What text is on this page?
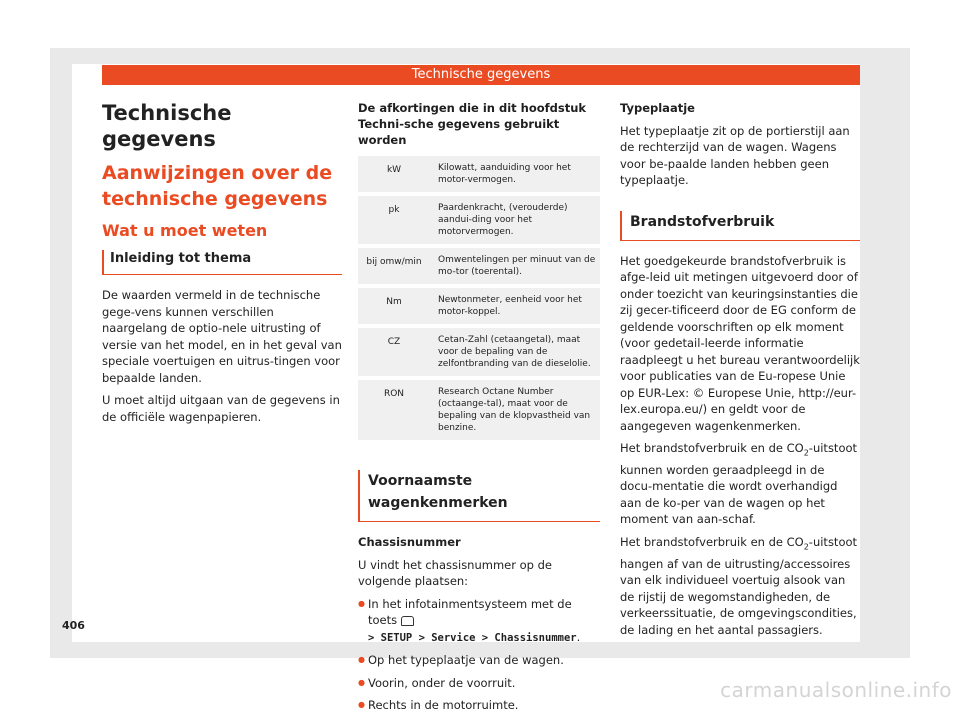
Technische gegevens
Technische gegevens
Aanwijzingen over de technische gegevens
Wat u moet weten
Inleiding tot thema

De waarden vermeld in de technische gege-vens kunnen verschillen naargelang de optio-nele uitrusting of versie van het model, en in het geval van speciale voertuigen en uitrus-tingen voor bepaalde landen.

U moet altijd uitgaan van de gegevens in de officiële wagenpapieren.

De afkortingen die in dit hoofdstuk Techni-sche gegevens gebruikt worden
kW	Kilowatt, aanduiding voor het motor-vermogen.
pk	Paardenkracht, (verouderde) aandui-ding voor het motorvermogen.
bij omw/min	Omwentelingen per minuut van de mo-tor (toerental).
Nm	Newtonmeter, eenheid voor het motor-koppel.
CZ	Cetan-Zahl (cetaangetal), maat voor de bepaling van de zelfontbranding van de dieselolie.
RON	Research Octane Number (octaange-tal), maat voor de bepaling van de klopvastheid van benzine.
Voornaamste wagenkenmerken

Chassisnummer

U vindt het chassisnummer op de volgende plaatsen:

● In het infotainmentsysteem met de toets
> SETUP > Service > Chassisnummer.
● Op het typeplaatje van de wagen.
● Voorin, onder de voorruit.
● Rechts in de motorruimte.

Typeplaatje

Het typeplaatje zit op de portierstijl aan de rechterzijd van de wagen. Wagens voor be-paalde landen hebben geen typeplaatje.

Brandstofverbruik

Het goedgekeurde brandstofverbruik is afge-leid uit metingen uitgevoerd door of onder toezicht van keuringsinstanties die zij gecer-tificeerd door de EG conform de geldende voorschriften op elk moment (voor gedetail-leerde informatie raadpleegt u het bureau verantwoordelijk voor publicaties van de Eu-ropese Unie op EUR-Lex: © Europese Unie, http://eur-lex.europa.eu/) en geldt voor de aangegeven wagenkenmerken.

Het brandstofverbruik en de $CO_2$-uitstoot kunnen worden geraadpleegd in de docu-mentatie die wordt overhandigd aan de ko-per van de wagen op het moment van aan-schaf.

Het brandstofverbruik en de $CO_2$-uitstoot hangen af van de uitrusting/accessoires van elk individueel voertuig alsook van de rijstij de wegomstandigheden, de verkeerssituatie, de omgevingscondities, de lading en het aantal passagiers.

406
carmanualsonline.info
